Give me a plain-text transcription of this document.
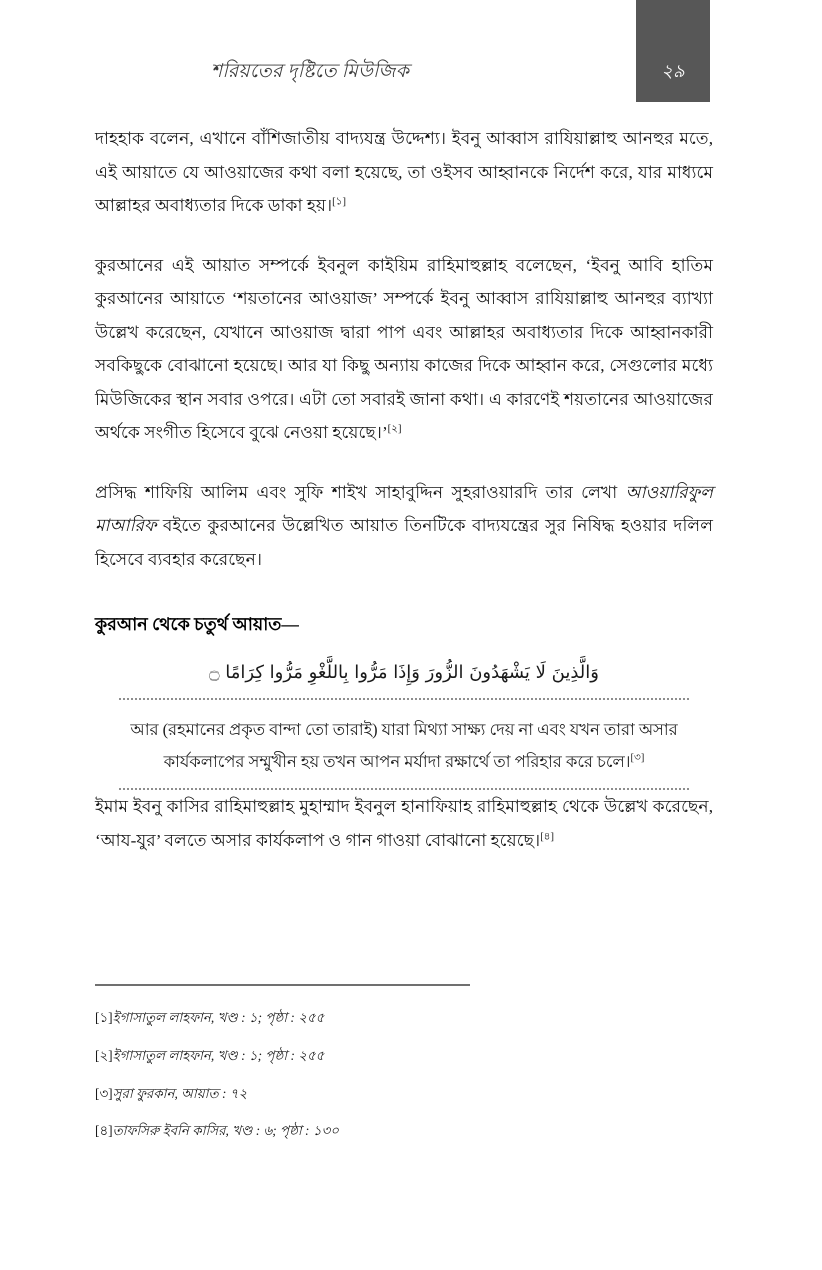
শরিয়তের দৃষ্টিতে মিউজিক	২৯

দাহহাক বলেন, এখানে বাঁশিজাতীয় বাদ্যযন্ত্র উদ্দেশ্য। ইবনু আব্বাস রাযিয়াল্লাহু আনহুর মতে, এই আয়াতে যে আওয়াজের কথা বলা হয়েছে, তা ওইসব আহ্বানকে নির্দেশ করে, যার মাধ্যমে আল্লাহর অবাধ্যতার দিকে ডাকা হয়।[১]

কুরআনের এই আয়াত সম্পর্কে ইবনুল কাইয়িম রাহিমাহুল্লাহ বলেছেন, ‘ইবনু আবি হাতিম কুরআনের আয়াতে ‘শয়তানের আওয়াজ’ সম্পর্কে ইবনু আব্বাস রাযিয়াল্লাহু আনহুর ব্যাখ্যা উল্লেখ করেছেন, যেখানে আওয়াজ দ্বারা পাপ এবং আল্লাহর অবাধ্যতার দিকে আহ্বানকারী সবকিছুকে বোঝানো হয়েছে। আর যা কিছু অন্যায় কাজের দিকে আহ্বান করে, সেগুলোর মধ্যে মিউজিকের স্থান সবার ওপরে। এটা তো সবারই জানা কথা। এ কারণেই শয়তানের আওয়াজের অর্থকে সংগীত হিসেবে বুঝে নেওয়া হয়েছে।’[২]

প্রসিদ্ধ শাফিয়ি আলিম এবং সুফি শাইখ সাহাবুদ্দিন সুহরাওয়ারদি তার লেখা আওয়ারিফুল মাআরিফ বইতে কুরআনের উল্লেখিত আয়াত তিনটিকে বাদ্যযন্ত্রের সুর নিষিদ্ধ হওয়ার দলিল হিসেবে ব্যবহার করেছেন।

কুরআন থেকে চতুর্থ আয়াত—
وَالَّذِينَ لَا يَشْهَدُونَ الزُّورَ وَإِذَا مَرُّوا بِاللَّغْوِ مَرُّوا كِرَامًا ۝

আর (রহমানের প্রকৃত বান্দা তো তারাই) যারা মিথ্যা সাক্ষ্য দেয় না এবং যখন তারা অসার কার্যকলাপের সম্মুখীন হয় তখন আপন মর্যাদা রক্ষার্থে তা পরিহার করে চলে।[৩]

ইমাম ইবনু কাসির রাহিমাহুল্লাহ মুহাম্মাদ ইবনুল হানাফিয়াহ রাহিমাহুল্লাহ থেকে উল্লেখ করেছেন, ‘আয-যুর’ বলতে অসার কার্যকলাপ ও গান গাওয়া বোঝানো হয়েছে।[৪]

[১]ইগাসাতুল লাহফান, খণ্ড : ১; পৃষ্ঠা : ২৫৫
[২]ইগাসাতুল লাহফান, খণ্ড : ১; পৃষ্ঠা : ২৫৫
[৩]সুরা ফুরকান, আয়াত : ৭২
[৪]তাফসিরু ইবনি কাসির, খণ্ড : ৬; পৃষ্ঠা : ১৩০
